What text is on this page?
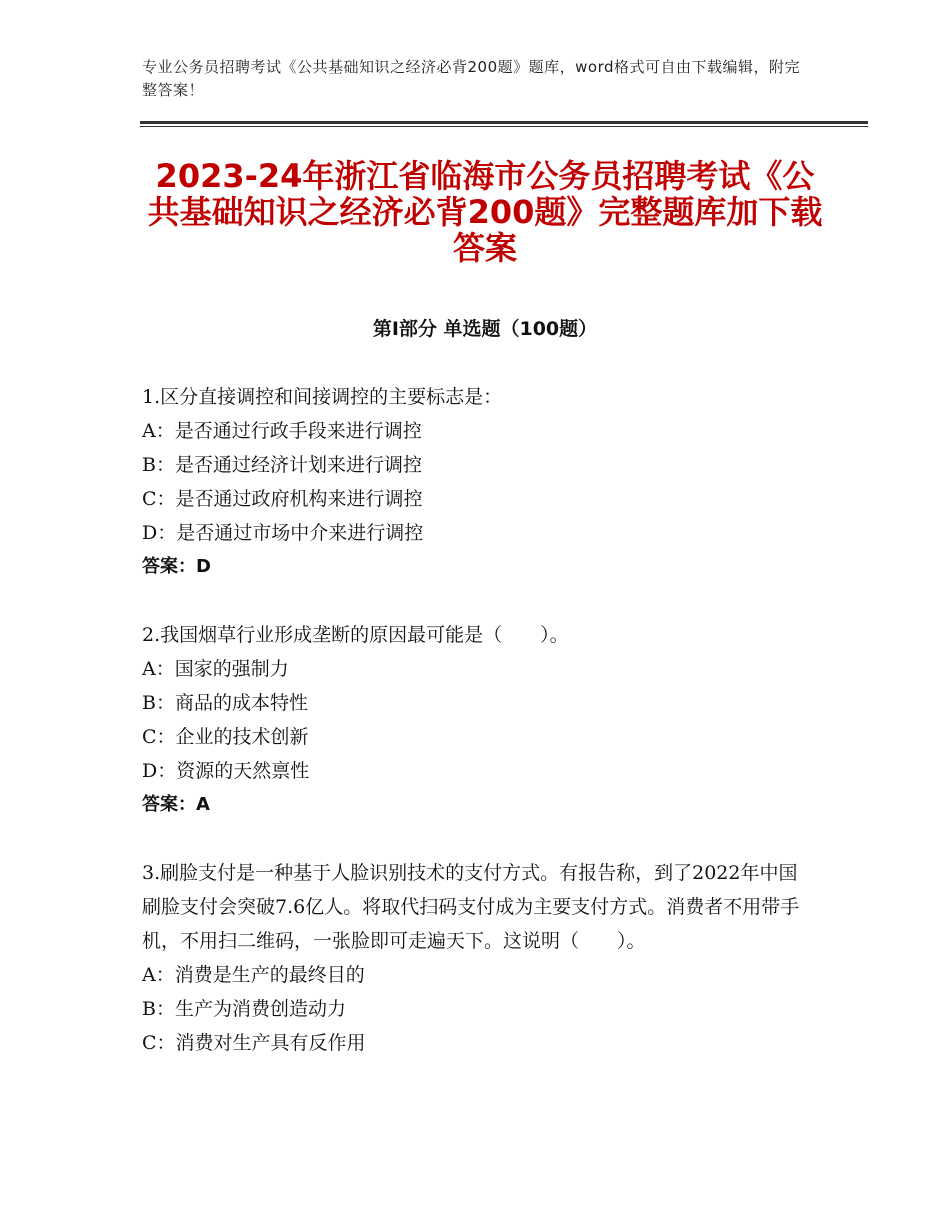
专业公务员招聘考试《公共基础知识之经济必背200题》题库，word格式可自由下载编辑，附完整答案！
2023-24年浙江省临海市公务员招聘考试《公共基础知识之经济必背200题》完整题库加下载答案
第Ⅰ部分 单选题（100题）
1.区分直接调控和间接调控的主要标志是：
A：是否通过行政手段来进行调控
B：是否通过经济计划来进行调控
C：是否通过政府机构来进行调控
D：是否通过市场中介来进行调控
答案：D
2.我国烟草行业形成垄断的原因最可能是（　　）。
A：国家的强制力
B：商品的成本特性
C：企业的技术创新
D：资源的天然禀性
答案：A
3.刷脸支付是一种基于人脸识别技术的支付方式。有报告称，到了2022年中国刷脸支付会突破7.6亿人。将取代扫码支付成为主要支付方式。消费者不用带手机，不用扫二维码，一张脸即可走遍天下。这说明（　　）。
A：消费是生产的最终目的
B：生产为消费创造动力
C：消费对生产具有反作用
